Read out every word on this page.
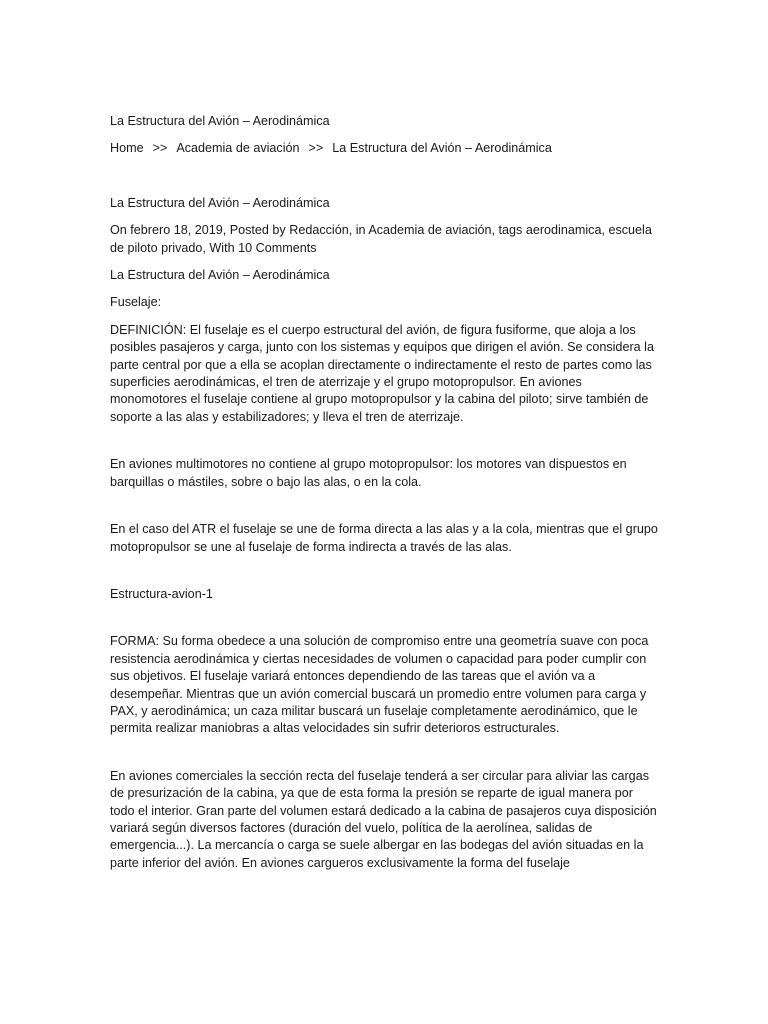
La Estructura del Avión – Aerodinámica

Home >> Academia de aviación >> La Estructura del Avión – Aerodinámica

La Estructura del Avión – Aerodinámica

On febrero 18, 2019, Posted by Redacción, in Academia de aviación, tags aerodinamica, escuela de piloto privado, With 10 Comments

La Estructura del Avión – Aerodinámica

Fuselaje:

DEFINICIÓN: El fuselaje es el cuerpo estructural del avión, de figura fusiforme, que aloja a los posibles pasajeros y carga, junto con los sistemas y equipos que dirigen el avión. Se considera la parte central por que a ella se acoplan directamente o indirectamente el resto de partes como las superficies aerodinámicas, el tren de aterrizaje y el grupo motopropulsor. En aviones monomotores el fuselaje contiene al grupo motopropulsor y la cabina del piloto; sirve también de soporte a las alas y estabilizadores; y lleva el tren de aterrizaje.

En aviones multimotores no contiene al grupo motopropulsor: los motores van dispuestos en barquillas o mástiles, sobre o bajo las alas, o en la cola.

En el caso del ATR el fuselaje se une de forma directa a las alas y a la cola, mientras que el grupo motopropulsor se une al fuselaje de forma indirecta a través de las alas.

Estructura-avion-1

FORMA: Su forma obedece a una solución de compromiso entre una geometría suave con poca resistencia aerodinámica y ciertas necesidades de volumen o capacidad para poder cumplir con sus objetivos. El fuselaje variará entonces dependiendo de las tareas que el avión va a desempeñar. Mientras que un avión comercial buscará un promedio entre volumen para carga y PAX, y aerodinámica; un caza militar buscará un fuselaje completamente aerodinámico, que le permita realizar maniobras a altas velocidades sin sufrir deterioros estructurales.

En aviones comerciales la sección recta del fuselaje tenderá a ser circular para aliviar las cargas de presurización de la cabina, ya que de esta forma la presión se reparte de igual manera por todo el interior. Gran parte del volumen estará dedicado a la cabina de pasajeros cuya disposición variará según diversos factores (duración del vuelo, política de la aerolínea, salidas de emergencia...). La mercancía o carga se suele albergar en las bodegas del avión situadas en la parte inferior del avión. En aviones cargueros exclusivamente la forma del fuselaje
